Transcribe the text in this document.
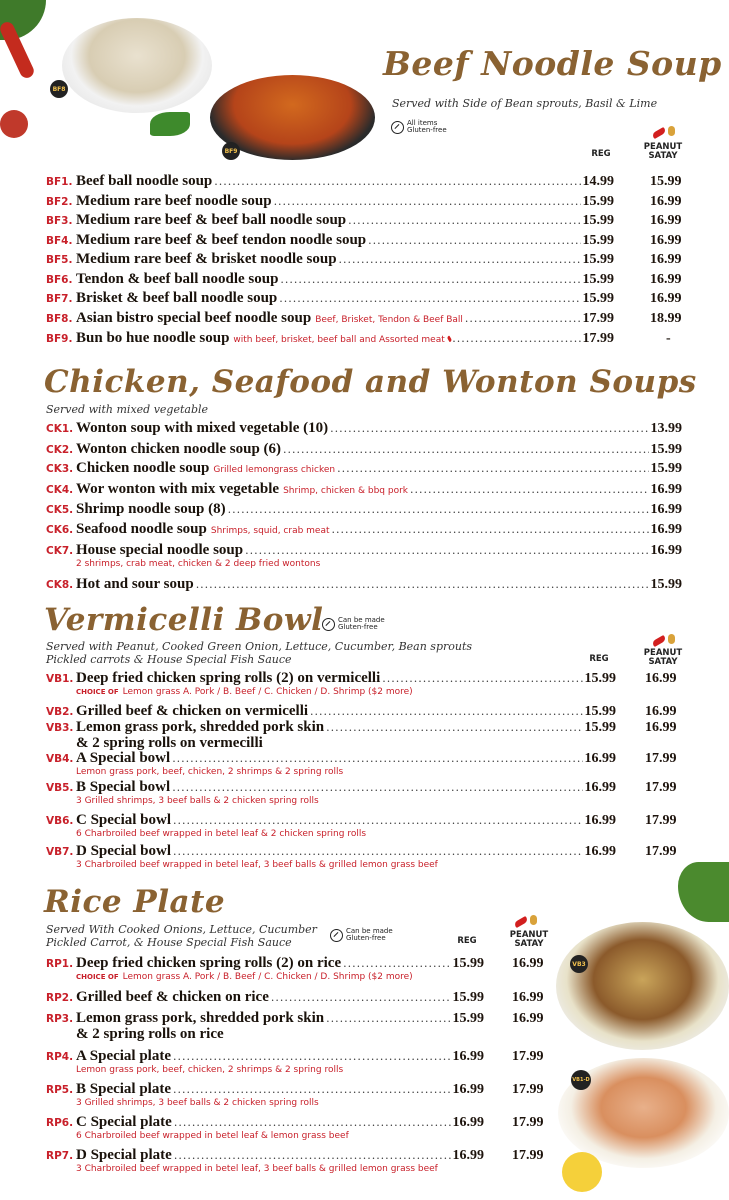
BF8
BF9
Beef Noodle Soup
Served with Side of Bean sprouts, Basil & Lime
All items
Gluten-free
REG
PEANUT
SATAY
BF1. Beef ball noodle soup .....	14.99	15.99
BF2. Medium rare beef noodle soup .....	15.99	16.99
BF3. Medium rare beef & beef ball noodle soup .....	15.99	16.99
BF4. Medium rare beef & beef tendon noodle soup .....	15.99	16.99
BF5. Medium rare beef & brisket noodle soup .....	15.99	16.99
BF6. Tendon & beef ball noodle soup .....	15.99	16.99
BF7. Brisket & beef ball noodle soup .....	15.99	16.99
BF8. Asian bistro special beef noodle soup Beef, Brisket, Tendon & Beef Ball .....	17.99	18.99
BF9. Bun bo hue noodle soup with beef, brisket, beef ball and Assorted meat .....	17.99	-
Chicken, Seafood and Wonton Soups
Served with mixed vegetable
CK1. Wonton soup with mixed vegetable (10) .....	13.99
CK2. Wonton chicken noodle soup (6) .....	15.99
CK3. Chicken noodle soup Grilled lemongrass chicken .....	15.99
CK4. Wor wonton with mix vegetable Shrimp, chicken & bbq pork .....	16.99
CK5. Shrimp noodle soup (8) .....	16.99
CK6. Seafood noodle soup Shrimps, squid, crab meat .....	16.99
CK7. House special noodle soup .....	16.99
2 shrimps, crab meat, chicken & 2 deep fried wontons
CK8. Hot and sour soup .....	15.99
Vermicelli Bowl Can be made
Gluten-free
Served with Peanut, Cooked Green Onion, Lettuce, Cucumber, Bean sprouts
Pickled carrots & House Special Fish Sauce	REG
PEANUT
SATAY
VB1. Deep fried chicken spring rolls (2) on vermicelli .....	15.99 16.99
CHOICE OF Lemon grass A. Pork / B. Beef / C. Chicken / D. Shrimp ($2 more)
VB2. Grilled beef & chicken on vermicelli .....	15.99 16.99
VB3. Lemon grass pork, shredded pork skin .....	15.99 16.99
& 2 spring rolls on vermecilli
VB4. A Special bowl .....	16.99 17.99
Lemon grass pork, beef, chicken, 2 shrimps & 2 spring rolls
VB5. B Special bowl .....	16.99 17.99
3 Grilled shrimps, 3 beef balls & 2 chicken spring rolls
VB6. C Special bowl .....	16.99 17.99
6 Charbroiled beef wrapped in betel leaf & 2 chicken spring rolls
VB7. D Special bowl .....	16.99 17.99
3 Charbroiled beef wrapped in betel leaf, 3 beef balls & grilled lemon grass beef
Rice Plate
Served With Cooked Onions, Lettuce, Cucumber
Pickled Carrot, & House Special Fish Sauce
Can be made
Gluten-free	REG
PEANUT
SATAY
RP1. Deep fried chicken spring rolls (2) on rice .....	15.99 16.99
CHOICE OF Lemon grass A. Pork / B. Beef / C. Chicken / D. Shrimp ($2 more)
RP2. Grilled beef & chicken on rice .....	15.99 16.99
RP3. Lemon grass pork, shredded pork skin .....	15.99 16.99
& 2 spring rolls on rice
RP4. A Special plate .....	16.99 17.99
Lemon grass pork, beef, chicken, 2 shrimps & 2 spring rolls
RP5. B Special plate .....	16.99 17.99
3 Grilled shrimps, 3 beef balls & 2 chicken spring rolls
RP6. C Special plate .....	16.99 17.99
6 Charbroiled beef wrapped in betel leaf & lemon grass beef
RP7. D Special plate .....	16.99 17.99
3 Charbroiled beef wrapped in betel leaf, 3 beef balls & grilled lemon grass beef
VB3
VB1-D
